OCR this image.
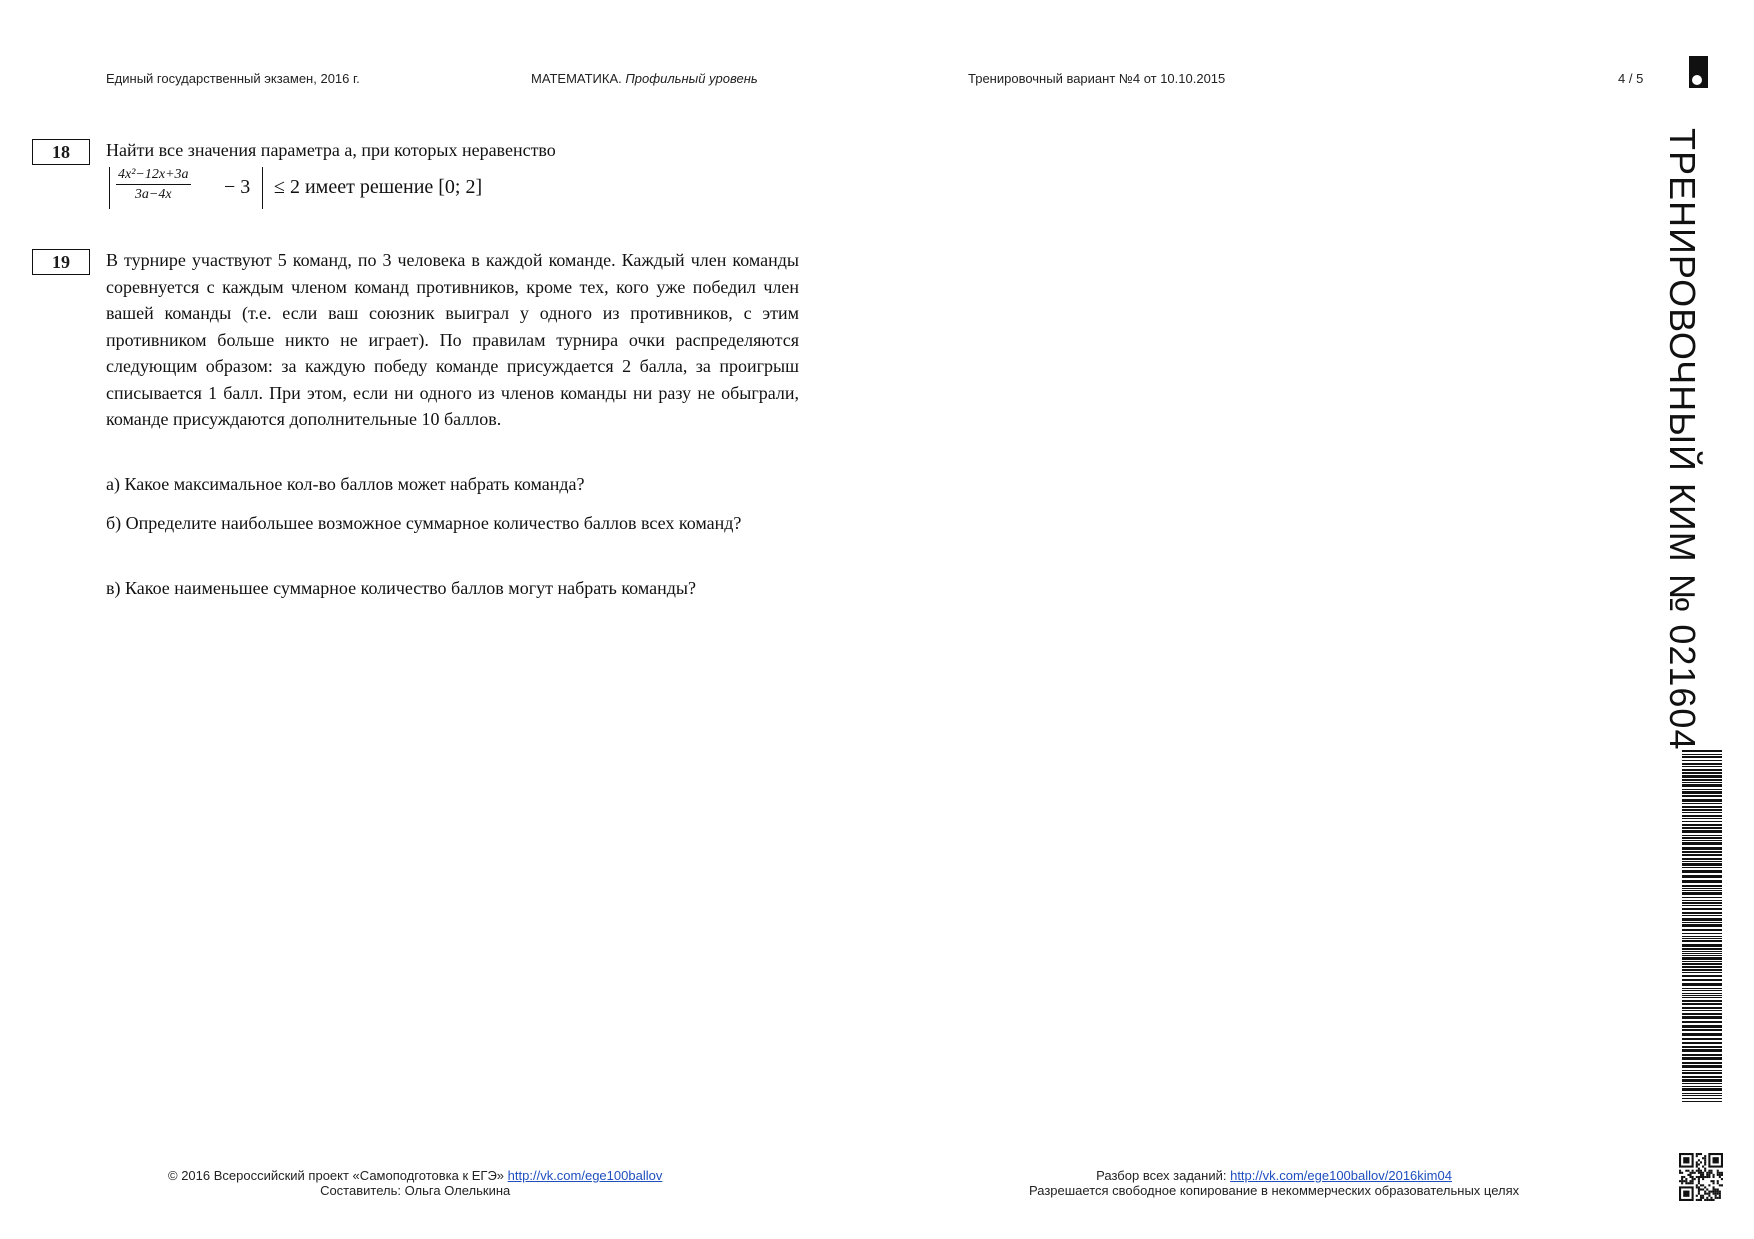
Единый государственный экзамен, 2016 г.	МАТЕМАТИКА. Профильный уровень	Тренировочный вариант №4 от 10.10.2015	4 / 5
ТРЕНИРОВОЧНЫЙ КИМ № 021604
18	Найти все значения параметра a, при которых неравенство
$\frac{\text{4x²−12x+3a}}{3a-4x} - 3 \le 2$ имеет решение [0; 2]
19	В турнире участвуют 5 команд, по 3 человека в каждой команде. Каждый член команды соревнуется с каждым членом команд противников, кроме тех, кого уже победил член вашей команды (т.е. если ваш союзник выиграл у одного из противников, с этим противником больше никто не играет). По правилам турнира очки распределяются следующим образом: за каждую победу команде присуждается 2 балла, за проигрыш списывается 1 балл. При этом, если ни одного из членов команды ни разу не обыграли, команде присуждаются дополнительные 10 баллов.
а) Какое максимальное кол-во баллов может набрать команда?
б) Определите наибольшее возможное суммарное количество баллов всех команд?
в) Какое наименьшее суммарное количество баллов могут набрать команды?
© 2016 Всероссийский проект «Самоподготовка к ЕГЭ» http://vk.com/ege100ballov
Составитель: Ольга Олелькина
Разбор всех заданий: http://vk.com/ege100ballov/2016kim04
Разрешается свободное копирование в некоммерческих образовательных целях
